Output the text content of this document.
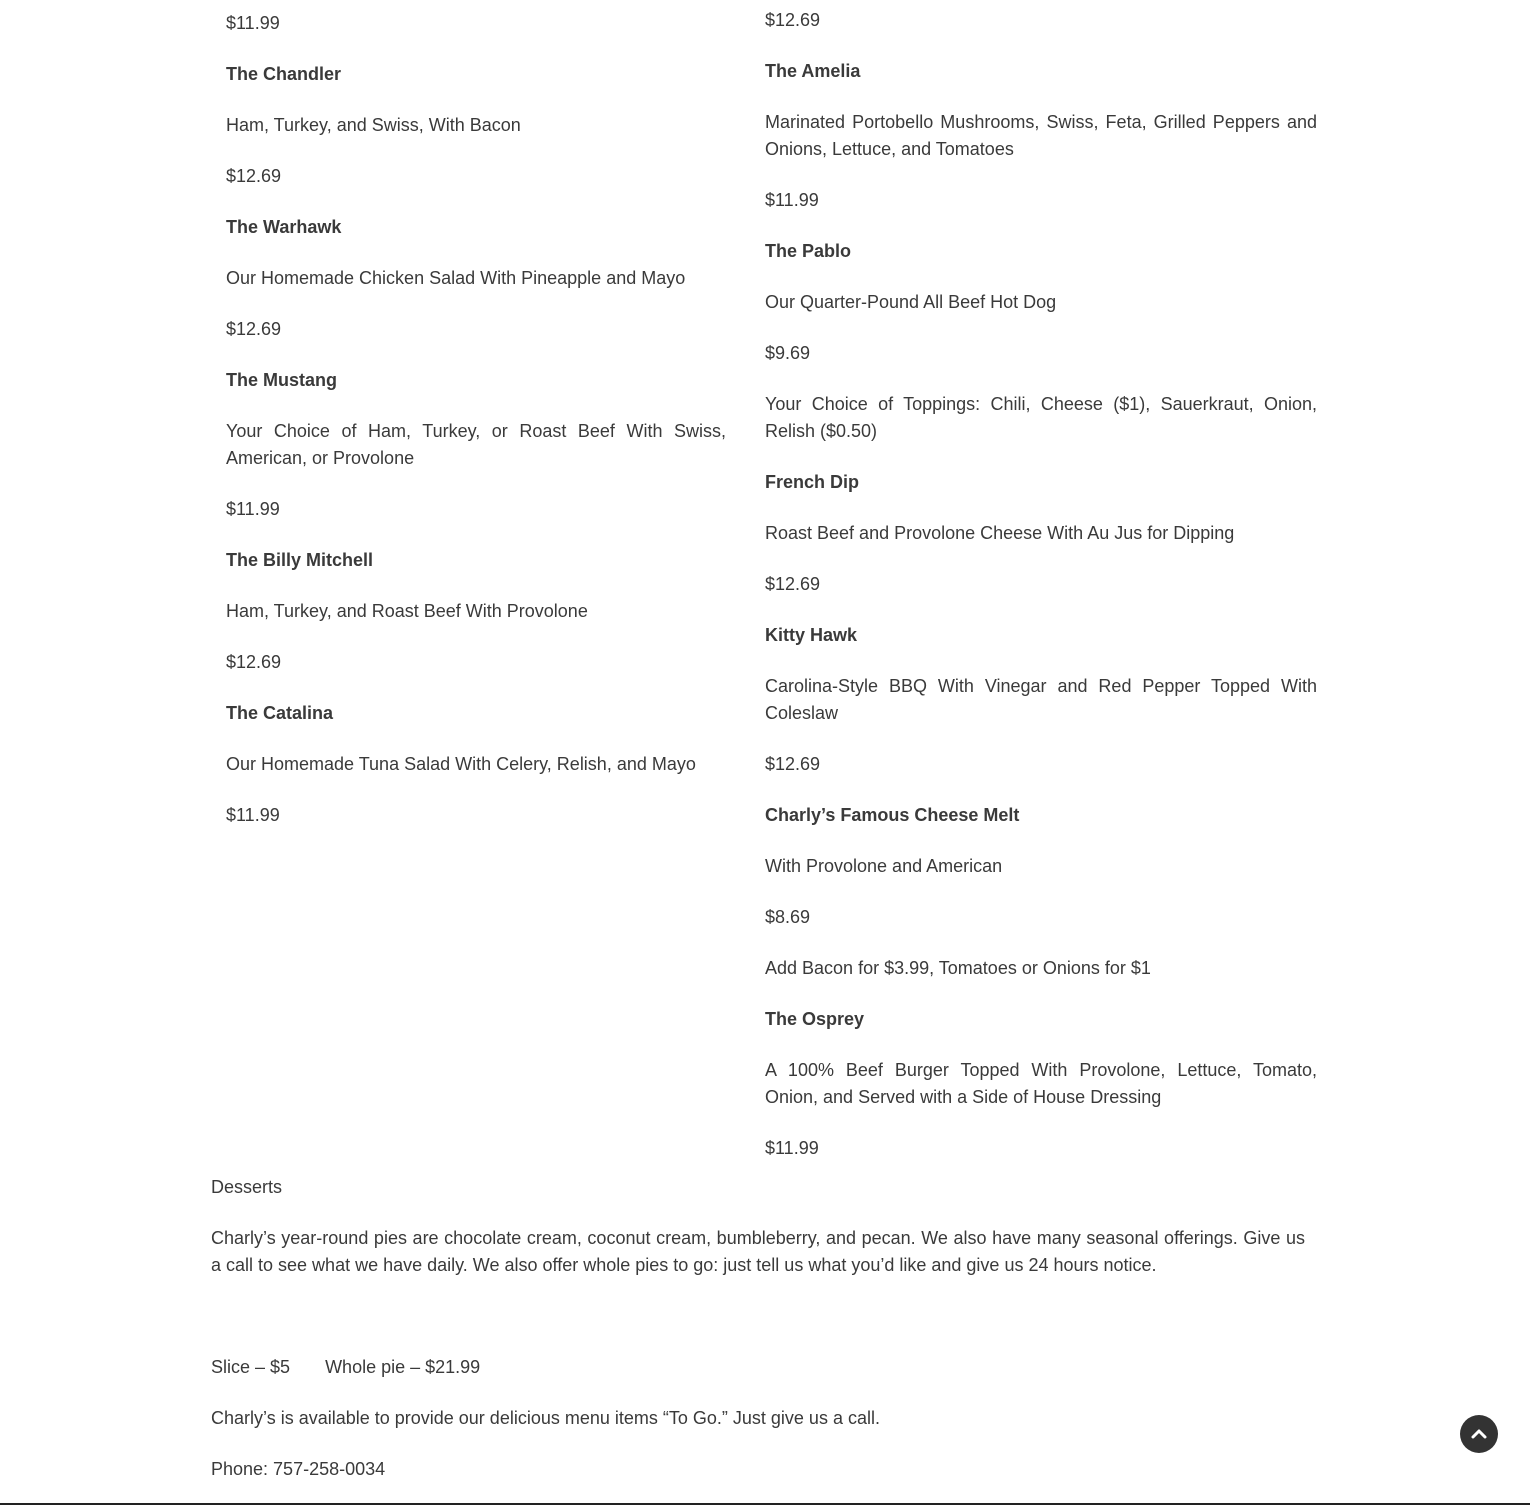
$11.99

The Chandler

Ham, Turkey, and Swiss, With Bacon

$12.69

The Warhawk

Our Homemade Chicken Salad With Pineapple and Mayo

$12.69

The Mustang

Your Choice of Ham, Turkey, or Roast Beef With Swiss, American, or Provolone

$11.99

The Billy Mitchell

Ham, Turkey, and Roast Beef With Provolone

$12.69

The Catalina

Our Homemade Tuna Salad With Celery, Relish, and Mayo

$11.99

$12.69

The Amelia

Marinated Portobello Mushrooms, Swiss, Feta, Grilled Peppers and Onions, Lettuce, and Tomatoes

$11.99

The Pablo

Our Quarter-Pound All Beef Hot Dog

$9.69

Your Choice of Toppings: Chili, Cheese ($1), Sauerkraut, Onion, Relish ($0.50)

French Dip

Roast Beef and Provolone Cheese With Au Jus for Dipping

$12.69

Kitty Hawk

Carolina-Style BBQ With Vinegar and Red Pepper Topped With Coleslaw

$12.69

Charly’s Famous Cheese Melt

With Provolone and American

$8.69

Add Bacon for $3.99, Tomatoes or Onions for $1

The Osprey

A 100% Beef Burger Topped With Provolone, Lettuce, Tomato, Onion, and Served with a Side of House Dressing

$11.99

Desserts

Charly’s year-round pies are chocolate cream, coconut cream, bumbleberry, and pecan. We also have many seasonal offerings. Give us a call to see what we have daily. We also offer whole pies to go: just tell us what you’d like and give us 24 hours notice.

Slice – $5 Whole pie – $21.99

Charly’s is available to provide our delicious menu items “To Go.” Just give us a call.

Phone: 757-258-0034
